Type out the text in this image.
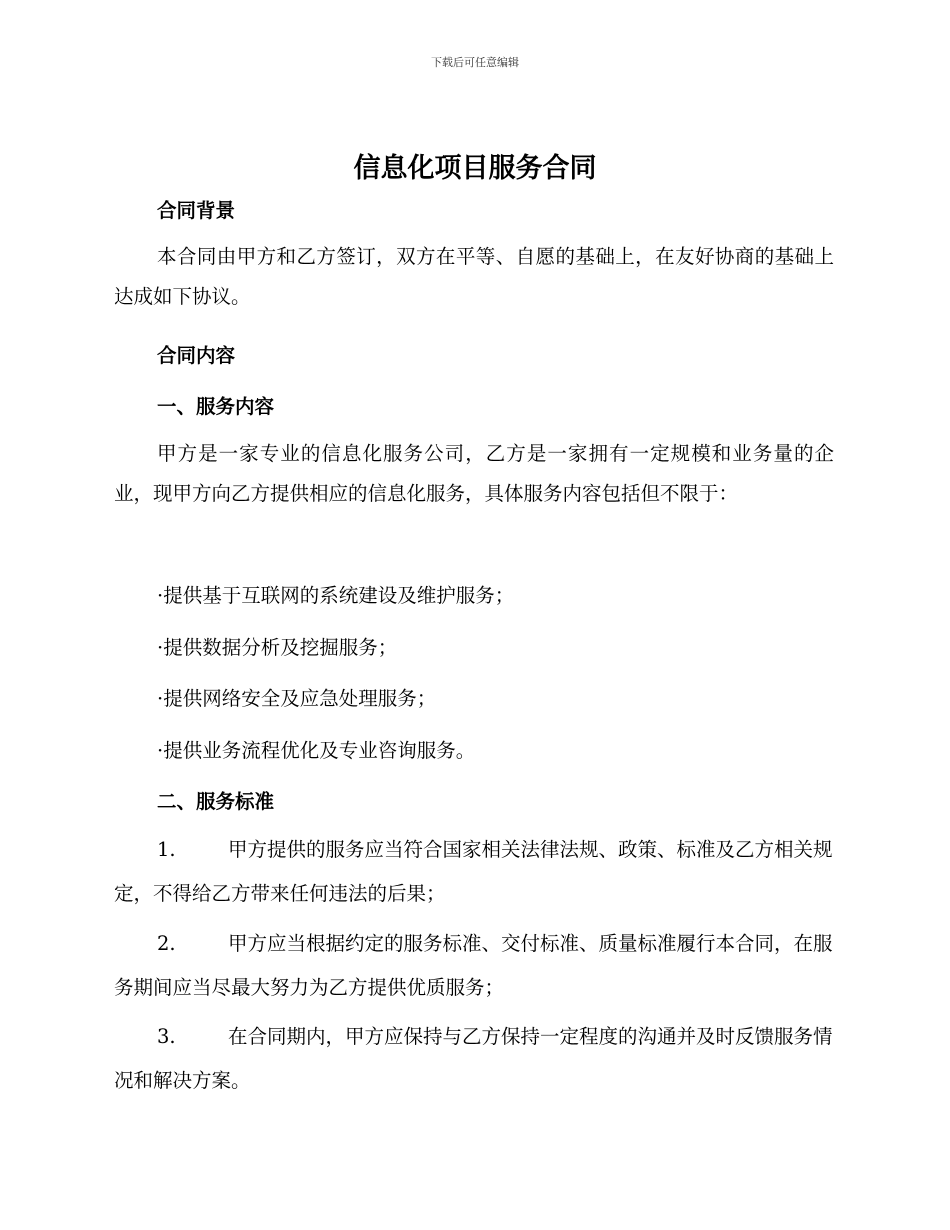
下载后可任意编辑
信息化项目服务合同
合同背景

本合同由甲方和乙方签订，双方在平等、自愿的基础上，在友好协商的基础上达成如下协议。

合同内容
一、服务内容

甲方是一家专业的信息化服务公司，乙方是一家拥有一定规模和业务量的企业，现甲方向乙方提供相应的信息化服务，具体服务内容包括但不限于：

·提供基于互联网的系统建设及维护服务；
·提供数据分析及挖掘服务；
·提供网络安全及应急处理服务；
·提供业务流程优化及专业咨询服务。
二、服务标准

1.	甲方提供的服务应当符合国家相关法律法规、政策、标准及乙方相关规定，不得给乙方带来任何违法的后果；

2.	甲方应当根据约定的服务标准、交付标准、质量标准履行本合同，在服务期间应当尽最大努力为乙方提供优质服务；

3.	在合同期内，甲方应保持与乙方保持一定程度的沟通并及时反馈服务情况和解决方案。
